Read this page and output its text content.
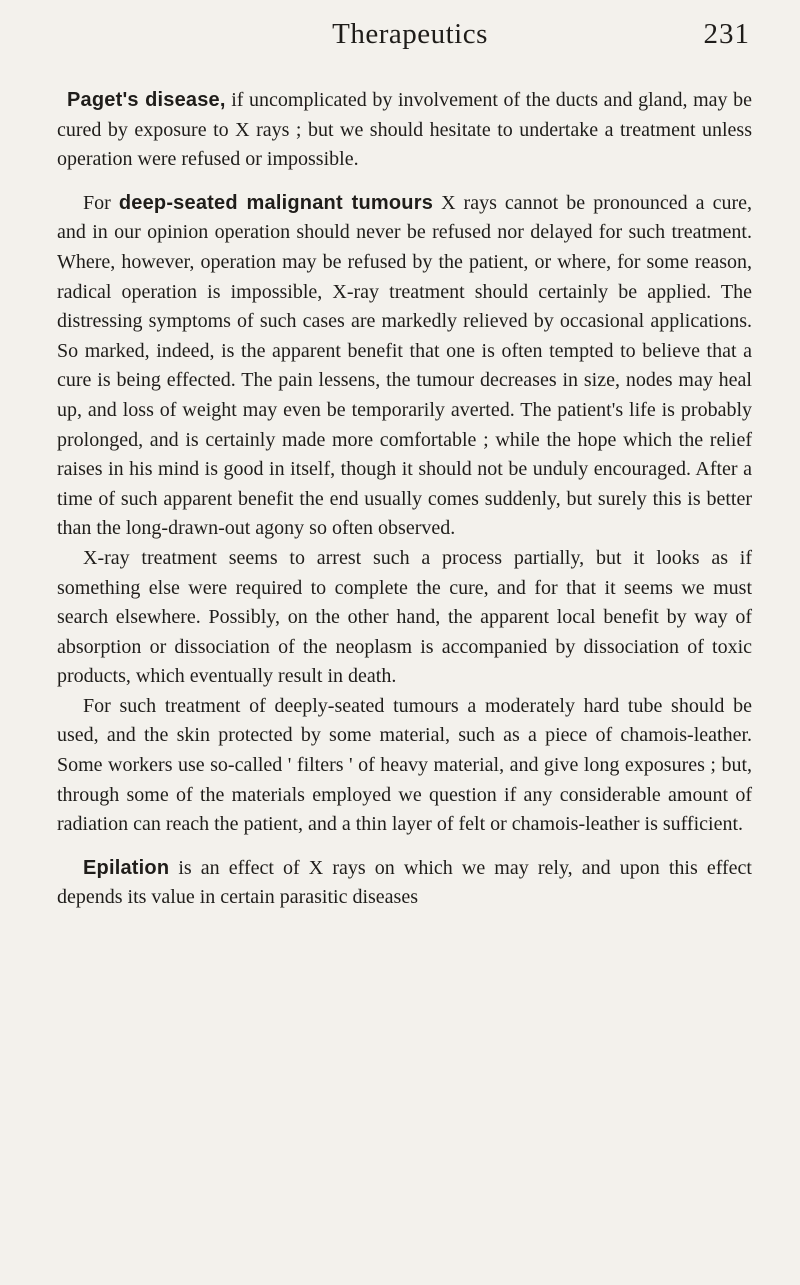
Therapeutics	231

Paget's disease, if uncomplicated by involvement of the ducts and gland, may be cured by exposure to X rays ; but we should hesitate to undertake a treatment unless operation were refused or impossible.

For deep-seated malignant tumours X rays cannot be pronounced a cure, and in our opinion operation should never be refused nor delayed for such treatment. Where, however, operation may be refused by the patient, or where, for some reason, radical operation is impossible, X-ray treatment should certainly be applied. The distressing symptoms of such cases are markedly relieved by occasional applications. So marked, indeed, is the apparent benefit that one is often tempted to believe that a cure is being effected. The pain lessens, the tumour decreases in size, nodes may heal up, and loss of weight may even be temporarily averted. The patient's life is probably prolonged, and is certainly made more comfortable ; while the hope which the relief raises in his mind is good in itself, though it should not be unduly encouraged. After a time of such apparent benefit the end usually comes suddenly, but surely this is better than the long-drawn-out agony so often observed.

X-ray treatment seems to arrest such a process partially, but it looks as if something else were required to complete the cure, and for that it seems we must search elsewhere. Possibly, on the other hand, the apparent local benefit by way of absorption or dissociation of the neoplasm is accompanied by dissociation of toxic products, which eventually result in death.

For such treatment of deeply-seated tumours a moderately hard tube should be used, and the skin protected by some material, such as a piece of chamois-leather. Some workers use so-called ' filters ' of heavy material, and give long exposures ; but, through some of the materials employed we question if any considerable amount of radiation can reach the patient, and a thin layer of felt or chamois-leather is sufficient.

Epilation is an effect of X rays on which we may rely, and upon this effect depends its value in certain parasitic diseases
